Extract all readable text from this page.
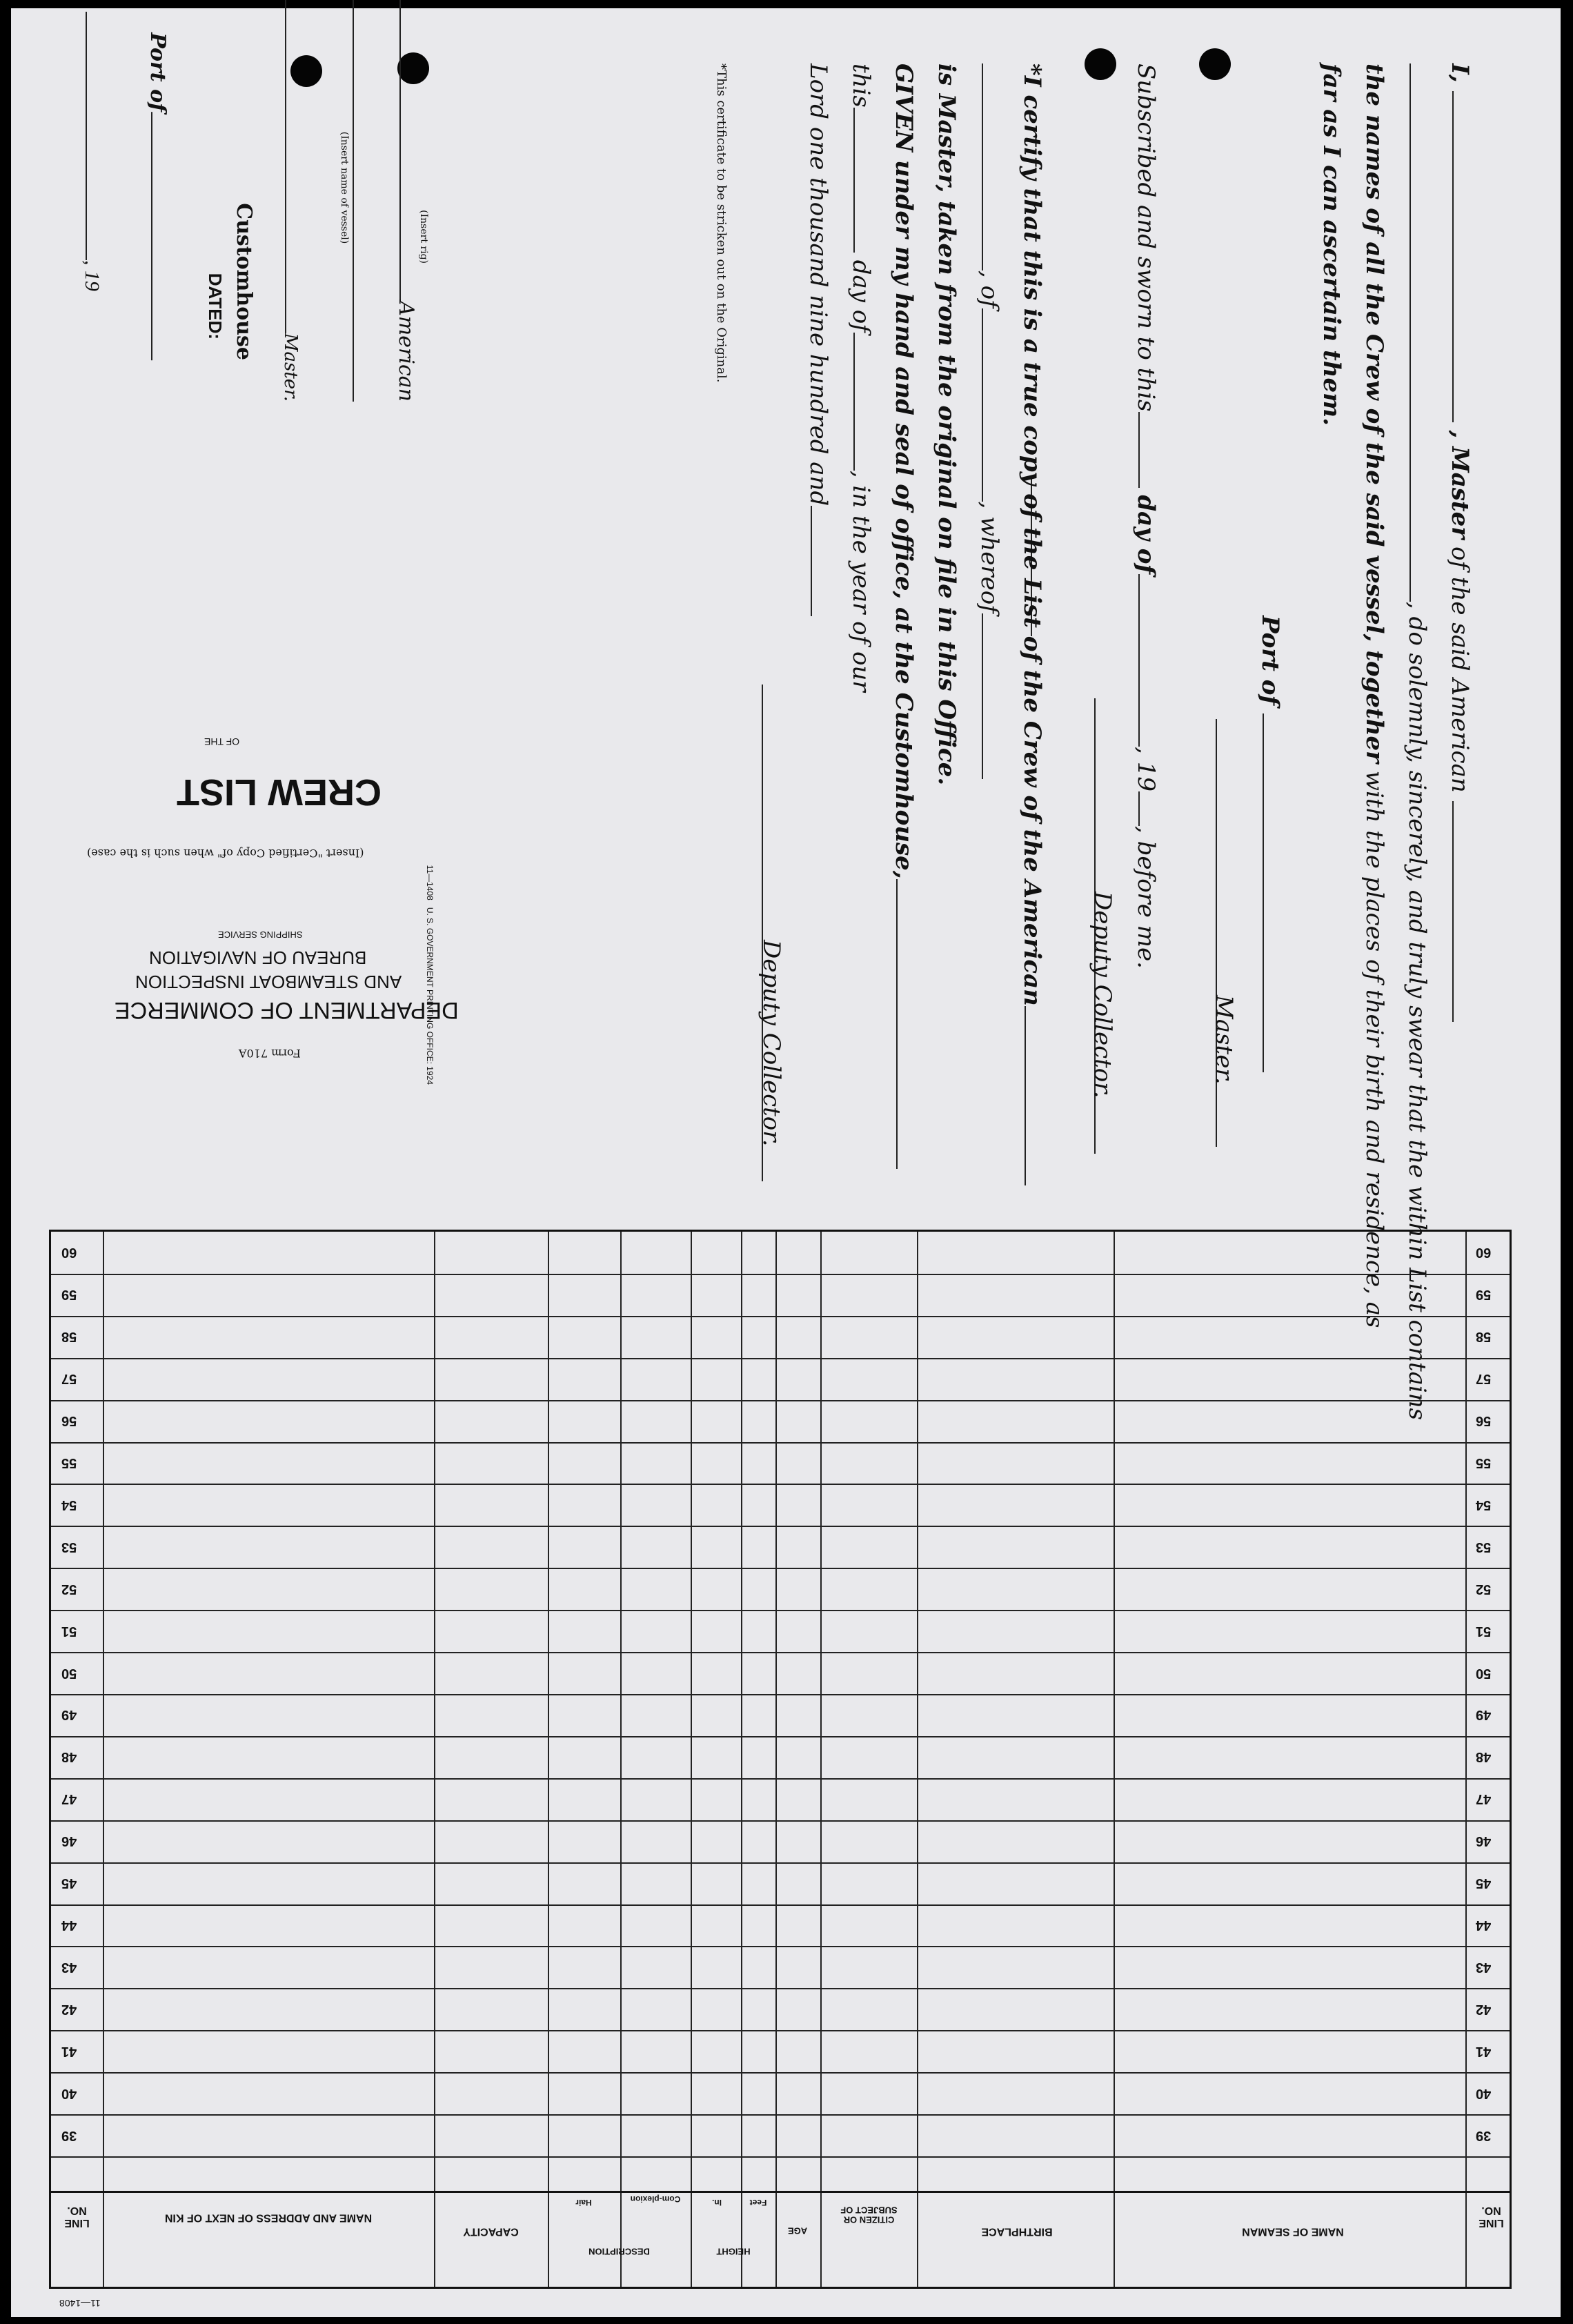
I,  , Master of the said American
, do solemnly, sincerely, and truly swear that the within List contains
the names of all the Crew of the said vessel, together with the places of their birth and residence, as
far as I can ascertain them.
Port of
Master.
Subscribed and sworn to this day of, 19, before me.
Deputy Collector.
*I certify that this is a true copy of the List of the Crew of the American
, of, whereof
is Master, taken from the original on file in this Office.
GIVEN under my hand and seal of office, at the Customhouse,
this day of, in the year of our
Lord one thousand nine hundred and
Deputy Collector.
*This certificate to be stricken out on the Original.
11—1408   U. S. GOVERNMENT PRINTING OFFICE: 1924
, 19
Port of
DATED: Customhouse
Master.
(Insert name of vessel)
American
(Insert rig)
OF THE
CREW LIST
(Insert "Certified Copy of" when such is the case)
SHIPPING SERVICE
BUREAU OF NAVIGATION
AND STEAMBOAT INSPECTION
DEPARTMENT OF COMMERCE
Form 710A
39
39
40
40
41
41
42
42
43
43
44
44
45
45
46
46
47
47
48
48
49
49
50
50
51
51
52
52
53
53
54
54
55
55
56
56
57
57
58
58
59
59
60
60
LINE NO.
NAME OF SEAMAN
BIRTHPLACE
CITIZEN OR SUBJECT OF
AGE
HEIGHT
Feet
In.
DESCRIPTION
Com-plexion
Hair
CAPACITY
NAME AND ADDRESS OF NEXT OF KIN
LINE NO.
11—1408
